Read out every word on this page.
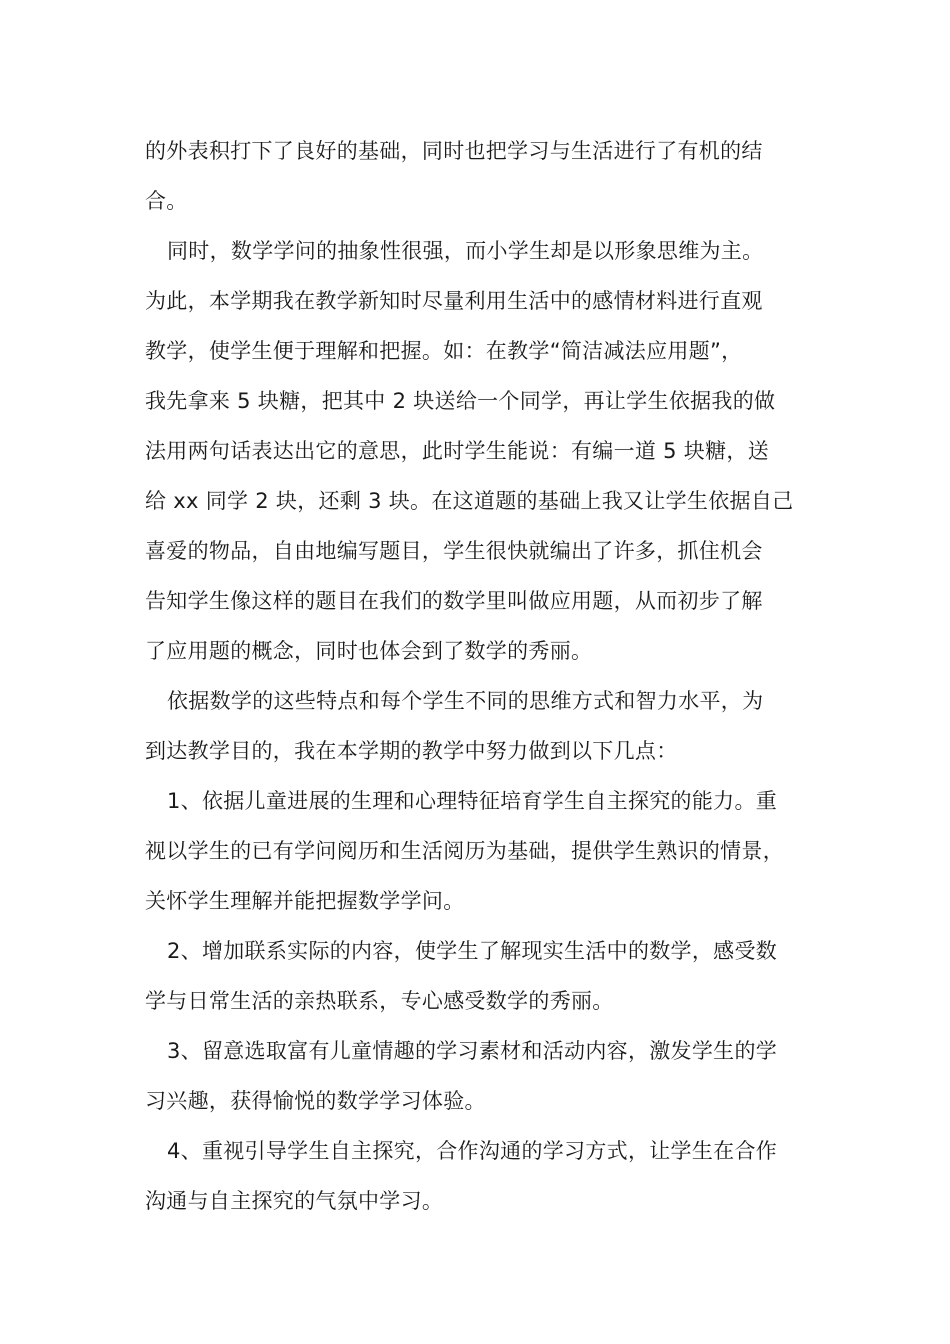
的外表积打下了良好的基础，同时也把学习与生活进行了有机的结
合。
同时，数学学问的抽象性很强，而小学生却是以形象思维为主。
为此，本学期我在教学新知时尽量利用生活中的感情材料进行直观
教学，使学生便于理解和把握。如：在教学“简洁减法应用题”，
我先拿来 5 块糖，把其中 2 块送给一个同学，再让学生依据我的做
法用两句话表达出它的意思，此时学生能说：有编一道 5 块糖，送
给 xx 同学 2 块，还剩 3 块。在这道题的基础上我又让学生依据自己
喜爱的物品，自由地编写题目，学生很快就编出了许多，抓住机会
告知学生像这样的题目在我们的数学里叫做应用题，从而初步了解
了应用题的概念，同时也体会到了数学的秀丽。
依据数学的这些特点和每个学生不同的思维方式和智力水平，为
到达教学目的，我在本学期的教学中努力做到以下几点：
1、依据儿童进展的生理和心理特征培育学生自主探究的能力。重
视以学生的已有学问阅历和生活阅历为基础，提供学生熟识的情景，
关怀学生理解并能把握数学学问。
2、增加联系实际的内容，使学生了解现实生活中的数学，感受数
学与日常生活的亲热联系，专心感受数学的秀丽。
3、留意选取富有儿童情趣的学习素材和活动内容，激发学生的学
习兴趣，获得愉悦的数学学习体验。
4、重视引导学生自主探究，合作沟通的学习方式，让学生在合作
沟通与自主探究的气氛中学习。
